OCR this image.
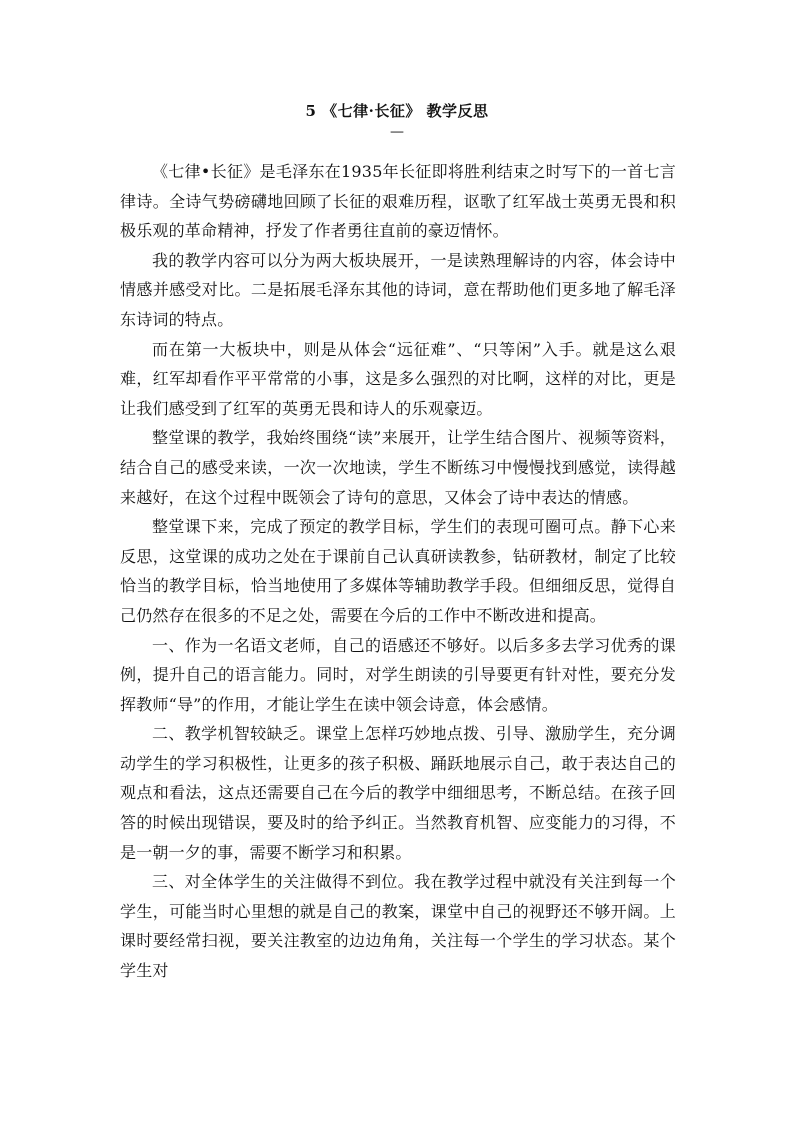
5 《七律·长征》 教学反思
—

《七律•长征》是毛泽东在1935年长征即将胜利结束之时写下的一首七言律诗。全诗气势磅礴地回顾了长征的艰难历程，讴歌了红军战士英勇无畏和积极乐观的革命精神，抒发了作者勇往直前的豪迈情怀。

我的教学内容可以分为两大板块展开，一是读熟理解诗的内容，体会诗中情感并感受对比。二是拓展毛泽东其他的诗词，意在帮助他们更多地了解毛泽东诗词的特点。

而在第一大板块中，则是从体会“远征难”、“只等闲”入手。就是这么艰难，红军却看作平平常常的小事，这是多么强烈的对比啊，这样的对比，更是让我们感受到了红军的英勇无畏和诗人的乐观豪迈。

整堂课的教学，我始终围绕“读”来展开，让学生结合图片、视频等资料，结合自己的感受来读，一次一次地读，学生不断练习中慢慢找到感觉，读得越来越好，在这个过程中既领会了诗句的意思，又体会了诗中表达的情感。

整堂课下来，完成了预定的教学目标，学生们的表现可圈可点。静下心来反思，这堂课的成功之处在于课前自己认真研读教参，钻研教材，制定了比较恰当的教学目标，恰当地使用了多媒体等辅助教学手段。但细细反思，觉得自己仍然存在很多的不足之处，需要在今后的工作中不断改进和提高。

一、作为一名语文老师，自己的语感还不够好。以后多多去学习优秀的课例，提升自己的语言能力。同时，对学生朗读的引导要更有针对性，要充分发挥教师“导”的作用，才能让学生在读中领会诗意，体会感情。

二、教学机智较缺乏。课堂上怎样巧妙地点拨、引导、激励学生，充分调动学生的学习积极性，让更多的孩子积极、踊跃地展示自己，敢于表达自己的观点和看法，这点还需要自己在今后的教学中细细思考，不断总结。在孩子回答的时候出现错误，要及时的给予纠正。当然教育机智、应变能力的习得，不是一朝一夕的事，需要不断学习和积累。

三、对全体学生的关注做得不到位。我在教学过程中就没有关注到每一个学生，可能当时心里想的就是自己的教案，课堂中自己的视野还不够开阔。上课时要经常扫视，要关注教室的边边角角，关注每一个学生的学习状态。某个学生对
